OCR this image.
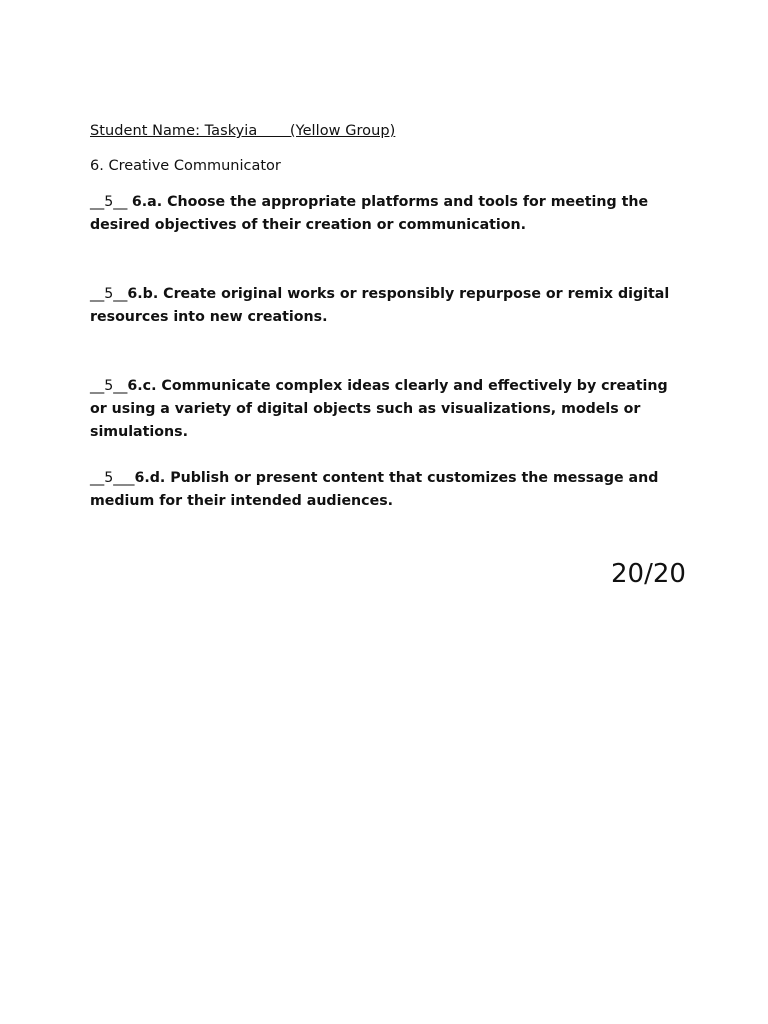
Student Name: Taskyia       (Yellow Group)
6. Creative Communicator
__5__ 6.a. Choose the appropriate platforms and tools for meeting the desired objectives of their creation or communication.
__5__6.b. Create original works or responsibly repurpose or remix digital resources into new creations.
__5__6.c. Communicate complex ideas clearly and effectively by creating or using a variety of digital objects such as visualizations, models or simulations.
__5___6.d. Publish or present content that customizes the message and medium for their intended audiences.
20/20
